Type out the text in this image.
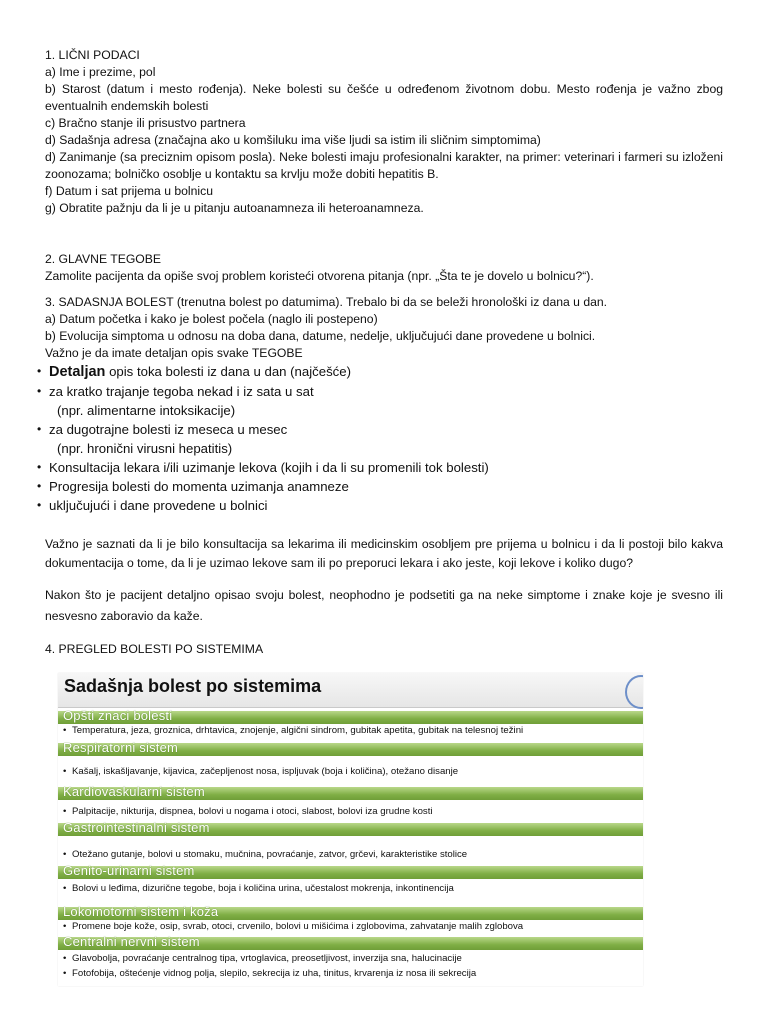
1. LIČNI PODACI

a) Ime i prezime, pol

b) Starost (datum i mesto rođenja). Neke bolesti su češće u određenom životnom dobu. Mesto rođenja je važno zbog eventualnih endemskih bolesti

c) Bračno stanje ili prisustvo partnera

d) Sadašnja adresa (značajna ako u komšiluku ima više ljudi sa istim ili sličnim simptomima)

d) Zanimanje (sa preciznim opisom posla). Neke bolesti imaju profesionalni karakter, na primer: veterinari i farmeri su izloženi zoonozama; bolničko osoblje u kontaktu sa krvlju može dobiti hepatitis B.

f) Datum i sat prijema u bolnicu

g) Obratite pažnju da li je u pitanju autoanamneza ili heteroanamneza.

2. GLAVNE TEGOBE

Zamolite pacijenta da opiše svoj problem koristeći otvorena pitanja (npr. „Šta te je dovelo u bolnicu?“).

3. SADASNJA BOLEST (trenutna bolest po datumima). Trebalo bi da se beleži hronološki iz dana u dan.

a) Datum početka i kako je bolest počela (naglo ili postepeno)

b) Evolucija simptoma u odnosu na doba dana, datume, nedelje, uključujući dane provedene u bolnici.

Važno je da imate detaljan opis svake TEGOBE

• Detaljan opis toka bolesti iz dana u dan (najčešće)
• za kratko trajanje tegoba nekad i iz sata u sat
(npr. alimentarne intoksikacije)
• za dugotrajne bolesti iz meseca u mesec
(npr. hronični virusni hepatitis)
• Konsultacija lekara i/ili uzimanje lekova (kojih i da li su promenili tok bolesti)
• Progresija bolesti do momenta uzimanja anamneze
• uključujući i dane provedene u bolnici

Važno je saznati da li je bilo konsultacija sa lekarima ili medicinskim osobljem pre prijema u bolnicu i da li postoji bilo kakva dokumentacija o tome, da li je uzimao lekove sam ili po preporuci lekara i ako jeste, koji lekove i koliko dugo?

Nakon što je pacijent detaljno opisao svoju bolest, neophodno je podsetiti ga na neke simptome i znake koje je svesno ili nesvesno zaboravio da kaže.

4. PREGLED BOLESTI PO SISTEMIMA

Sadašnja bolest po sistemima
Opšti znaci bolesti
• Temperatura, jeza, groznica, drhtavica, znojenje, algični sindrom, gubitak apetita, gubitak na telesnoj težini
Respiratorni sistem
• Kašalj, iskašljavanje, kijavica, začepljenost nosa, ispljuvak (boja i količina), otežano disanje
Kardiovaskularni sistem
• Palpitacije, nikturija, dispnea, bolovi u nogama i otoci, slabost, bolovi iza grudne kosti
Gastrointestinalni sistem
• Otežano gutanje, bolovi u stomaku, mučnina, povraćanje, zatvor, grčevi, karakteristike stolice
Genito-urinarni sistem
• Bolovi u leđima, dizurične tegobe, boja i količina urina, učestalost mokrenja, inkontinencija
Lokomotorni sistem i koža
• Promene boje kože, osip, svrab, otoci, crvenilo, bolovi u mišićima i zglobovima, zahvatanje malih zglobova
Centralni nervni sistem
• Glavobolja, povraćanje centralnog tipa, vrtoglavica, preosetljivost, inverzija sna, halucinacije
• Fotofobija, oštećenje vidnog polja, slepilo, sekrecija iz uha, tinitus, krvarenja iz nosa ili sekrecija
